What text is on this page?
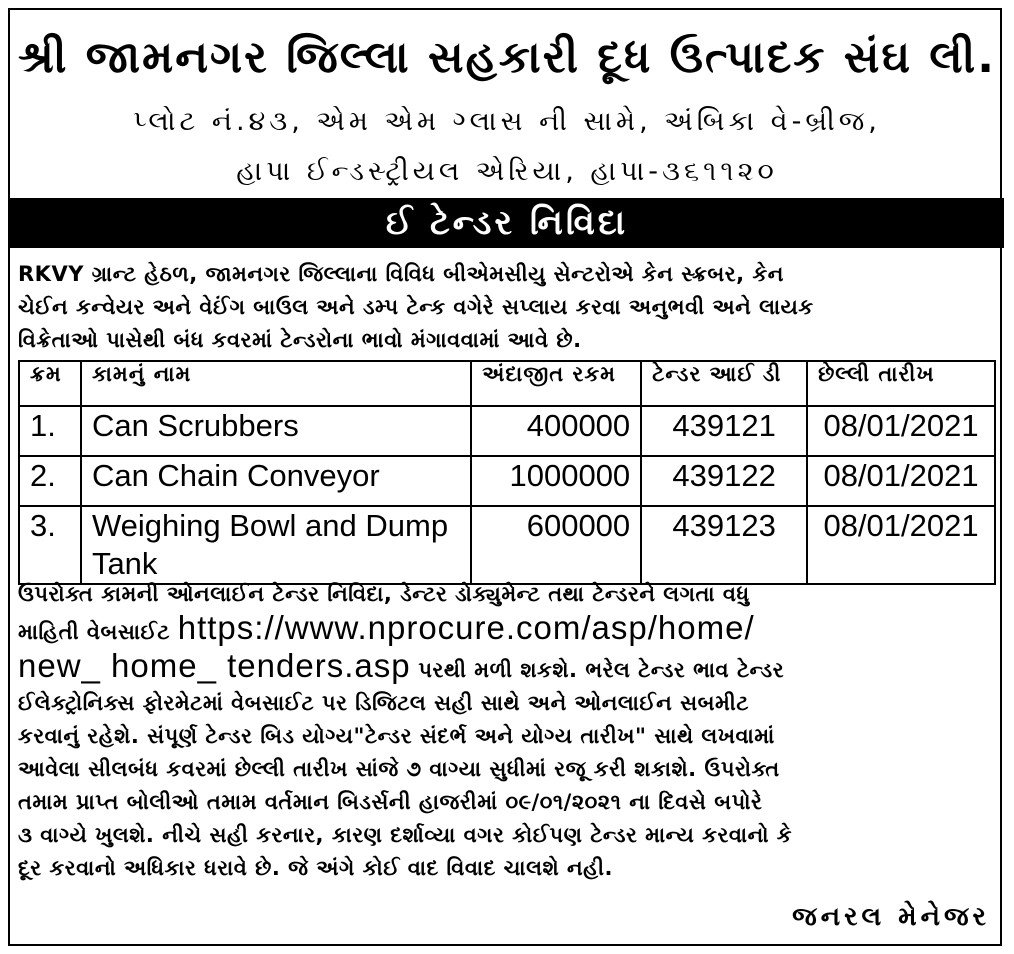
શ્રી જામનગર જિલ્લા સહકારી દૂધ ઉત્પાદક સંઘ લી.
પ્લોટ નં.૪૩, એમ એમ ગ્લાસ ની સામે, અંબિકા વે-બ્રીજ,
હાપા ઈન્ડસ્ટ્રીયલ એરિયા, હાપા-૩૬૧૧૨૦
ઈ ટેન્ડર નિવિદા
RKVY ગ્રાન્ટ હેઠળ, જામનગર જિલ્લાના વિવિધ બીએમસીયુ સેન્ટરોએ કેન સ્ક્રબર, કેન
ચેઈન કન્વેયર અને વેઈંગ બાઉલ અને ડમ્પ ટેન્ક વગેરે સપ્લાય કરવા અનુભવી અને લાયક
વિક્રેતાઓ પાસેથી બંધ કવરમાં ટેન્ડરોના ભાવો મંગાવવામાં આવે છે.
ક્રમ	કામનું નામ	અંદાજીત રકમ	ટેન્ડર આઈ ડી	છેલ્લી તારીખ
1.	Can Scrubbers	400000	439121	08/01/2021
2.	Can Chain Conveyor	1000000	439122	08/01/2021
3.	Weighing Bowl and Dump Tank	600000	439123	08/01/2021
ઉપરોક્ત કામની ઓનલાઈન ટેન્ડર નિવિદા, ડેન્ટર ડોક્યુમેન્ટ તથા ટેન્ડરને લગતા વધુ
માહિતી વેબસાઈટ https://www.nprocure.com/asp/home/
new_ home_ tenders.asp પરથી મળી શકશે. ભરેલ ટેન્ડર ભાવ ટેન્ડર
ઈલેક્ટ્રોનિક્સ ફોરમેટમાં વેબસાઈટ પર ડિજિટલ સહી સાથે અને ઓનલાઈન સબમીટ
કરવાનું રહેશે. સંપૂર્ણ ટેન્ડર બિડ યોગ્ય"ટેન્ડર સંદર્ભ અને યોગ્ય તારીખ" સાથે લખવામાં
આવેલા સીલબંધ કવરમાં છેલ્લી તારીખ સાંજે ૭ વાગ્યા સુધીમાં રજૂ કરી શકાશે. ઉપરોક્ત
તમામ પ્રાપ્ત બોલીઓ તમામ વર્તમાન બિડર્સની હાજરીમાં ૦૯/૦૧/૨૦૨૧ ના દિવસે બપોરે
૩ વાગ્યે ખુલશે. નીચે સહી કરનાર, કારણ દર્શાવ્યા વગર કોઈપણ ટેન્ડર માન્ય કરવાનો કે
દૂર કરવાનો અધિકાર ધરાવે છે. જે અંગે કોઈ વાદ વિવાદ ચાલશે નહી.
જનરલ મેનેજર
